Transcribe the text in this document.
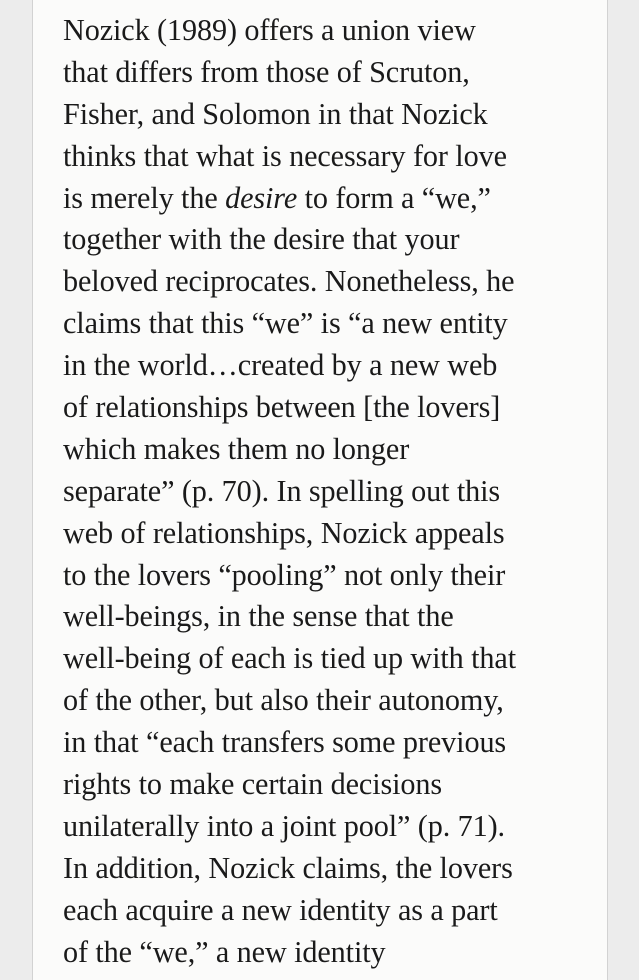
Nozick (1989) offers a union view
that differs from those of Scruton,
Fisher, and Solomon in that Nozick
thinks that what is necessary for love
is merely the desire to form a “we,”
together with the desire that your
beloved reciprocates. Nonetheless, he
claims that this “we” is “a new entity
in the world…created by a new web
of relationships between [the lovers]
which makes them no longer
separate” (p. 70). In spelling out this
web of relationships, Nozick appeals
to the lovers “pooling” not only their
well-beings, in the sense that the
well-being of each is tied up with that
of the other, but also their autonomy,
in that “each transfers some previous
rights to make certain decisions
unilaterally into a joint pool” (p. 71).
In addition, Nozick claims, the lovers
each acquire a new identity as a part
of the “we,” a new identity
